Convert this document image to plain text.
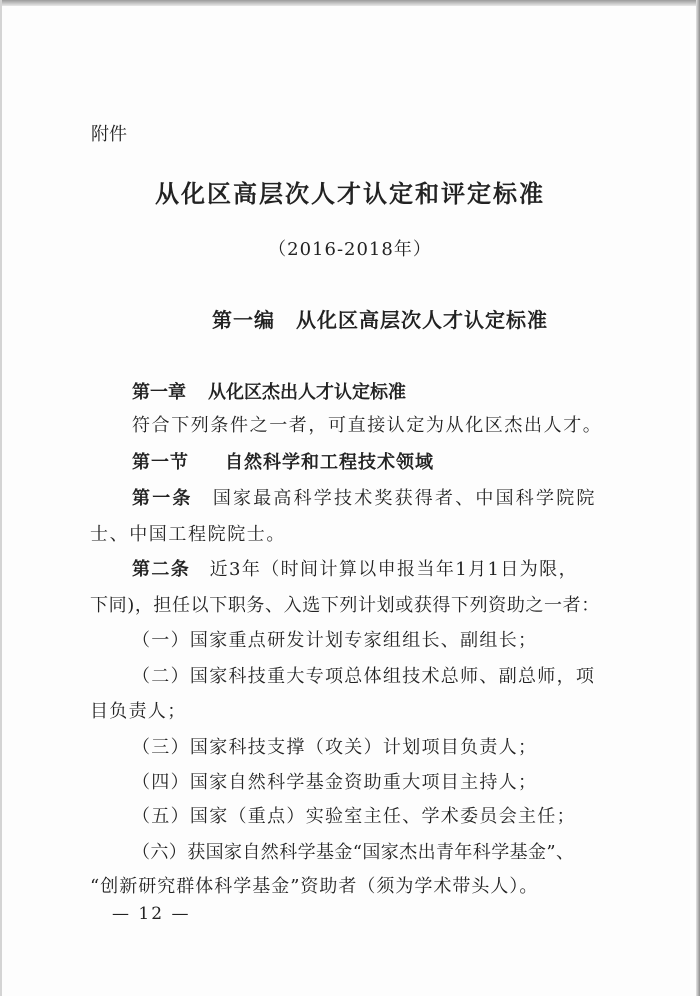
附件
从化区高层次人才认定和评定标准
（2016-2018年）
第一编　 从化区高层次人才认定标准
第一章 从化区杰出人才认定标准
符合下列条件之一者，可直接认定为从化区杰出人才。
第一节 自然科学和工程技术领域
第一条　 国家最高科学技术奖获得者、中国科学院院
士、中国工程院院士。
第二条　 近3年（时间计算以申报当年1月1日为限，
下同)，担任以下职务、入选下列计划或获得下列资助之一者：
（一）国家重点研发计划专家组组长、副组长；
（二）国家科技重大专项总体组技术总师、副总师，项
目负责人；
（三）国家科技支撑（攻关）计划项目负责人；
（四）国家自然科学基金资助重大项目主持人；
（五）国家（重点）实验室主任、学术委员会主任；
（六）获国家自然科学基金“国家杰出青年科学基金”、
“创新研究群体科学基金”资助者（须为学术带头人）。
— 12 —
